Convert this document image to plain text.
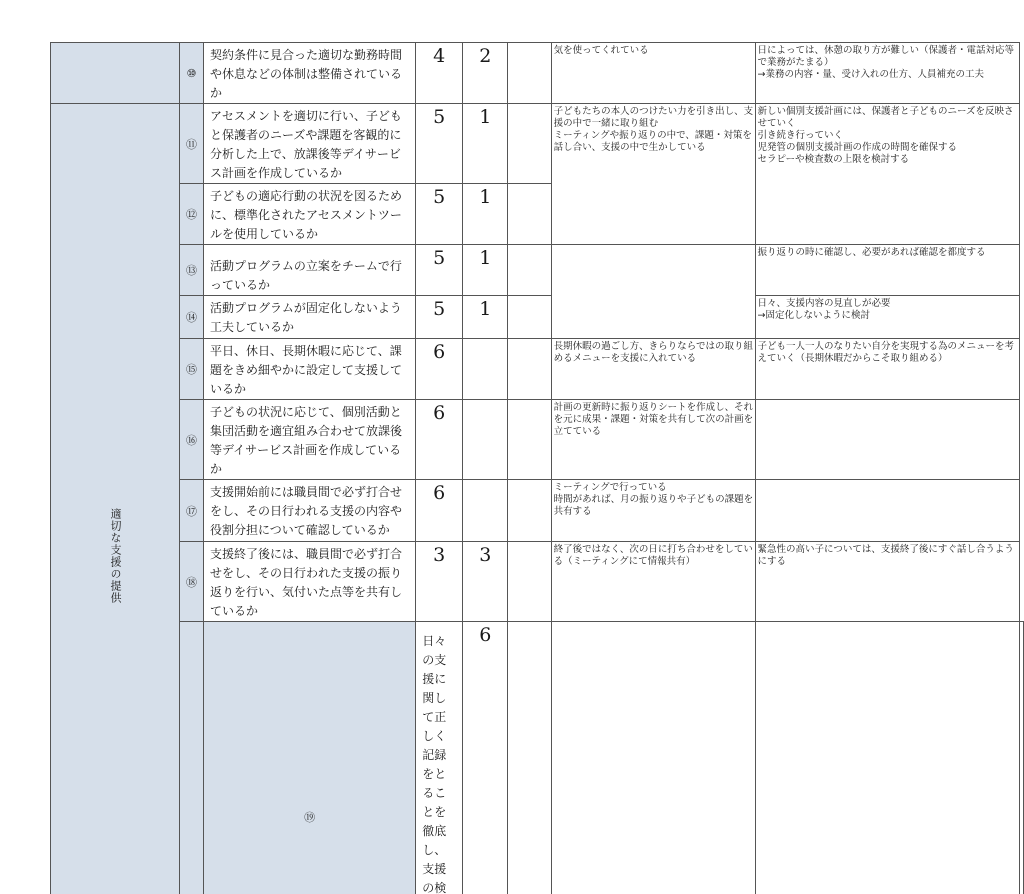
	⑩	契約条件に見合った適切な勤務時間や休息などの体制は整備されているか	4	2		気を使ってくれている	日によっては、休憩の取り方が難しい（保護者・電話対応等で業務がたまる）
→業務の内容・量、受け入れの仕方、人員補充の工夫	
適切な支援の提供	⑪	アセスメントを適切に行い、子どもと保護者のニーズや課題を客観的に分析した上で、放課後等デイサービス計画を作成しているか	5	1		子どもたちの本人のつけたい力を引き出し、支援の中で一緒に取り組む
ミーティングや振り返りの中で、課題・対策を話し合い、支援の中で生かしている	新しい個別支援計画には、保護者と子どものニーズを反映させていく
引き続き行っていく
児発管の個別支援計画の作成の時間を確保する
セラピーや検査数の上限を検討する	
	⑫	子どもの適応行動の状況を図るために、標準化されたアセスメントツールを使用しているか	5	1				
	⑬	活動プログラムの立案をチームで行っているか	5	1			振り返りの時に確認し、必要があれば確認を都度する	
	⑭	活動プログラムが固定化しないよう工夫しているか	5	1			日々、支援内容の見直しが必要
→固定化しないように検討	
	⑮	平日、休日、長期休暇に応じて、課題をきめ細やかに設定して支援しているか	6			長期休暇の過ごし方、きらりならではの取り組めるメニューを支援に入れている	子ども一人一人のなりたい自分を実現する為のメニューを考えていく（長期休暇だからこそ取り組める）	
	⑯	子どもの状況に応じて、個別活動と集団活動を適宜組み合わせて放課後等デイサービス計画を作成しているか	6			計画の更新時に振り返りシートを作成し、それを元に成果・課題・対策を共有して次の計画を立てている		
	⑰	支援開始前には職員間で必ず打合せをし、その日行われる支援の内容や役割分担について確認しているか	6			ミーティングで行っている
時間があれば、月の振り返りや子どもの課題を共有する		
	⑱	支援終了後には、職員間で必ず打合せをし、その日行われた支援の振り返りを行い、気付いた点等を共有しているか	3	3		終了後ではなく、次の日に打ち合わせをしている（ミーティングにて情報共有）	緊急性の高い子については、支援終了後にすぐ話し合うようにする	
		⑲	日々の支援に関して正しく記録をとることを徹底し、支援の検	6				
